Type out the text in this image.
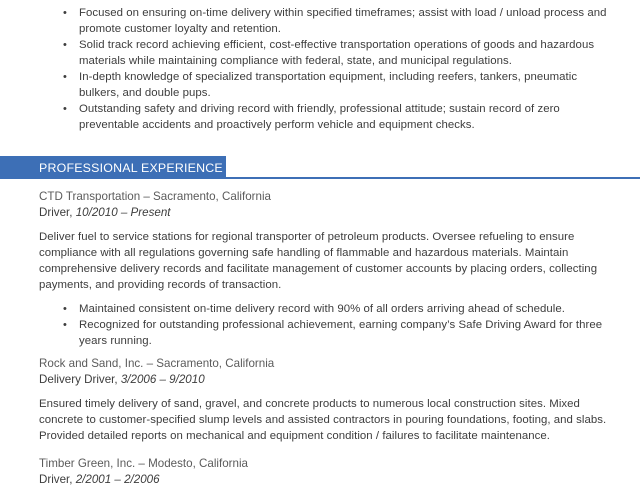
• Focused on ensuring on-time delivery within specified timeframes; assist with load / unload process and promote customer loyalty and retention.
• Solid track record achieving efficient, cost-effective transportation operations of goods and hazardous materials while maintaining compliance with federal, state, and municipal regulations.
• In-depth knowledge of specialized transportation equipment, including reefers, tankers, pneumatic bulkers, and double pups.
• Outstanding safety and driving record with friendly, professional attitude; sustain record of zero preventable accidents and proactively perform vehicle and equipment checks.
PROFESSIONAL EXPERIENCE
CTD Transportation – Sacramento, California
Driver, 10/2010 – Present
Deliver fuel to service stations for regional transporter of petroleum products. Oversee refueling to ensure compliance with all regulations governing safe handling of flammable and hazardous materials. Maintain comprehensive delivery records and facilitate management of customer accounts by placing orders, collecting payments, and providing records of transaction.
• Maintained consistent on-time delivery record with 90% of all orders arriving ahead of schedule.
• Recognized for outstanding professional achievement, earning company’s Safe Driving Award for three years running.
Rock and Sand, Inc. – Sacramento, California
Delivery Driver, 3/2006 – 9/2010
Ensured timely delivery of sand, gravel, and concrete products to numerous local construction sites. Mixed concrete to customer-specified slump levels and assisted contractors in pouring foundations, footing, and slabs. Provided detailed reports on mechanical and equipment condition / failures to facilitate maintenance.
Timber Green, Inc. – Modesto, California
Driver, 2/2001 – 2/2006
